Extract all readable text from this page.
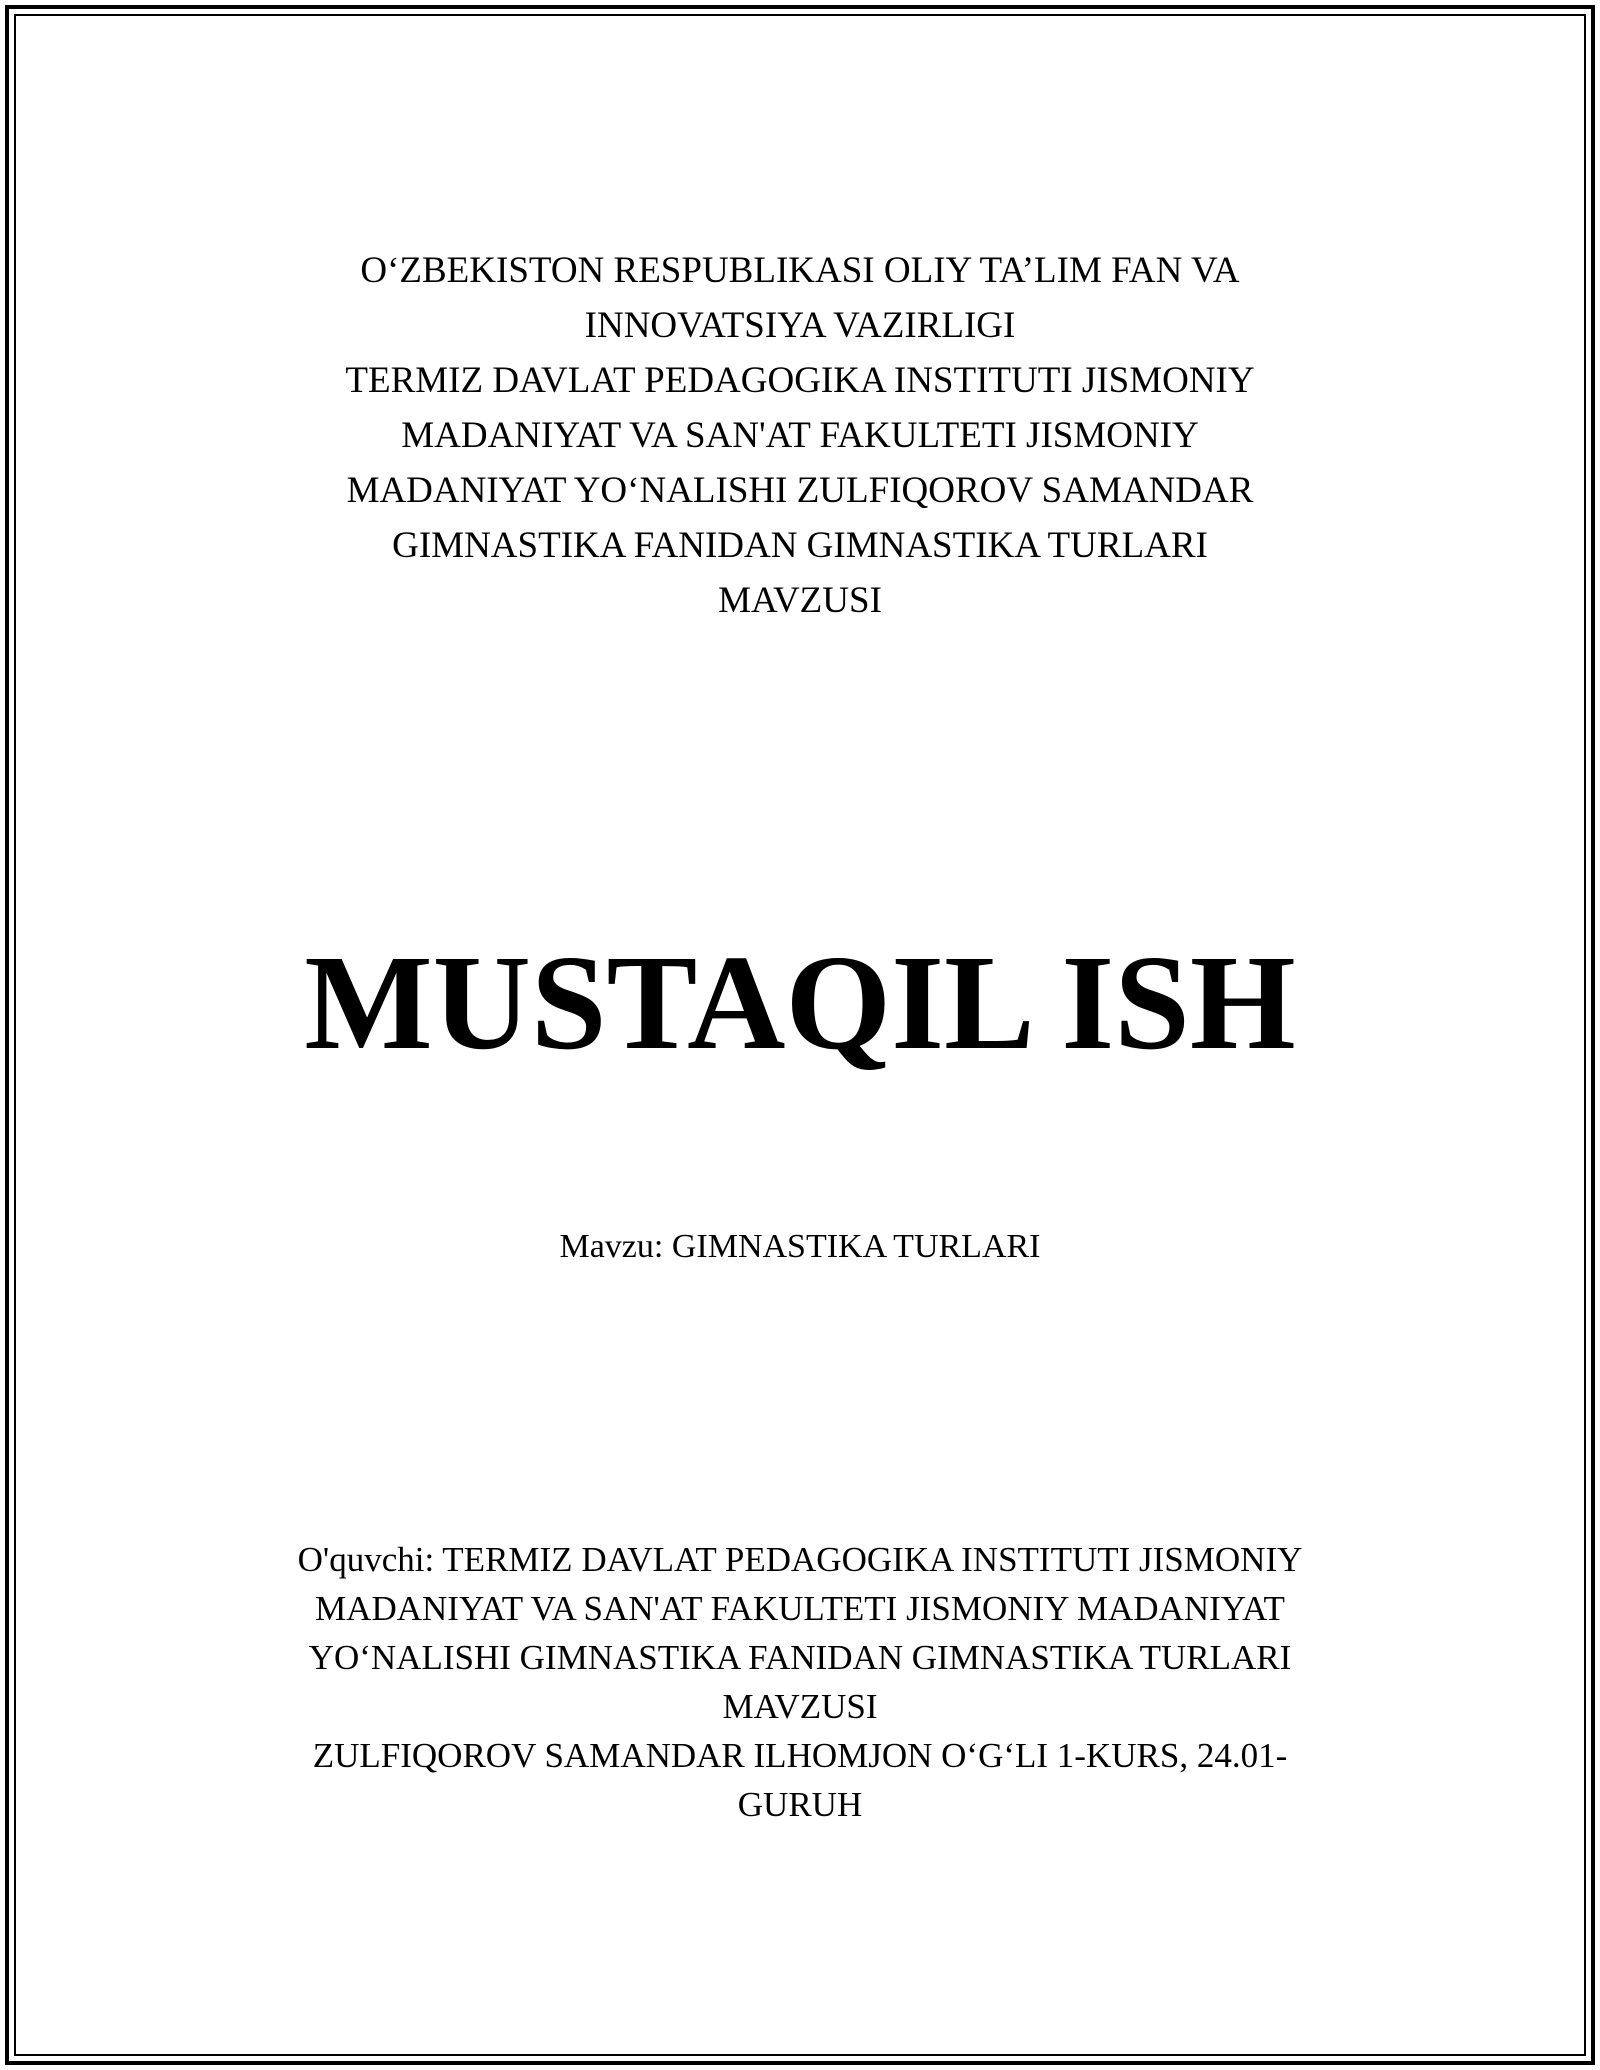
O‘ZBEKISTON RESPUBLIKASI OLIY TA’LIM FAN VA
INNOVATSIYA VAZIRLIGI
TERMIZ DAVLAT PEDAGOGIKA INSTITUTI JISMONIY
MADANIYAT VA SAN'AT FAKULTETI JISMONIY
MADANIYAT YO‘NALISHI ZULFIQOROV SAMANDAR
GIMNASTIKA FANIDAN GIMNASTIKA TURLARI
MAVZUSI
MUSTAQIL ISH

Mavzu: GIMNASTIKA TURLARI

O'quvchi: TERMIZ DAVLAT PEDAGOGIKA INSTITUTI JISMONIY
MADANIYAT VA SAN'AT FAKULTETI JISMONIY MADANIYAT
YO‘NALISHI GIMNASTIKA FANIDAN GIMNASTIKA TURLARI
MAVZUSI
ZULFIQOROV SAMANDAR ILHOMJON O‘G‘LI 1-KURS, 24.01-
GURUH
